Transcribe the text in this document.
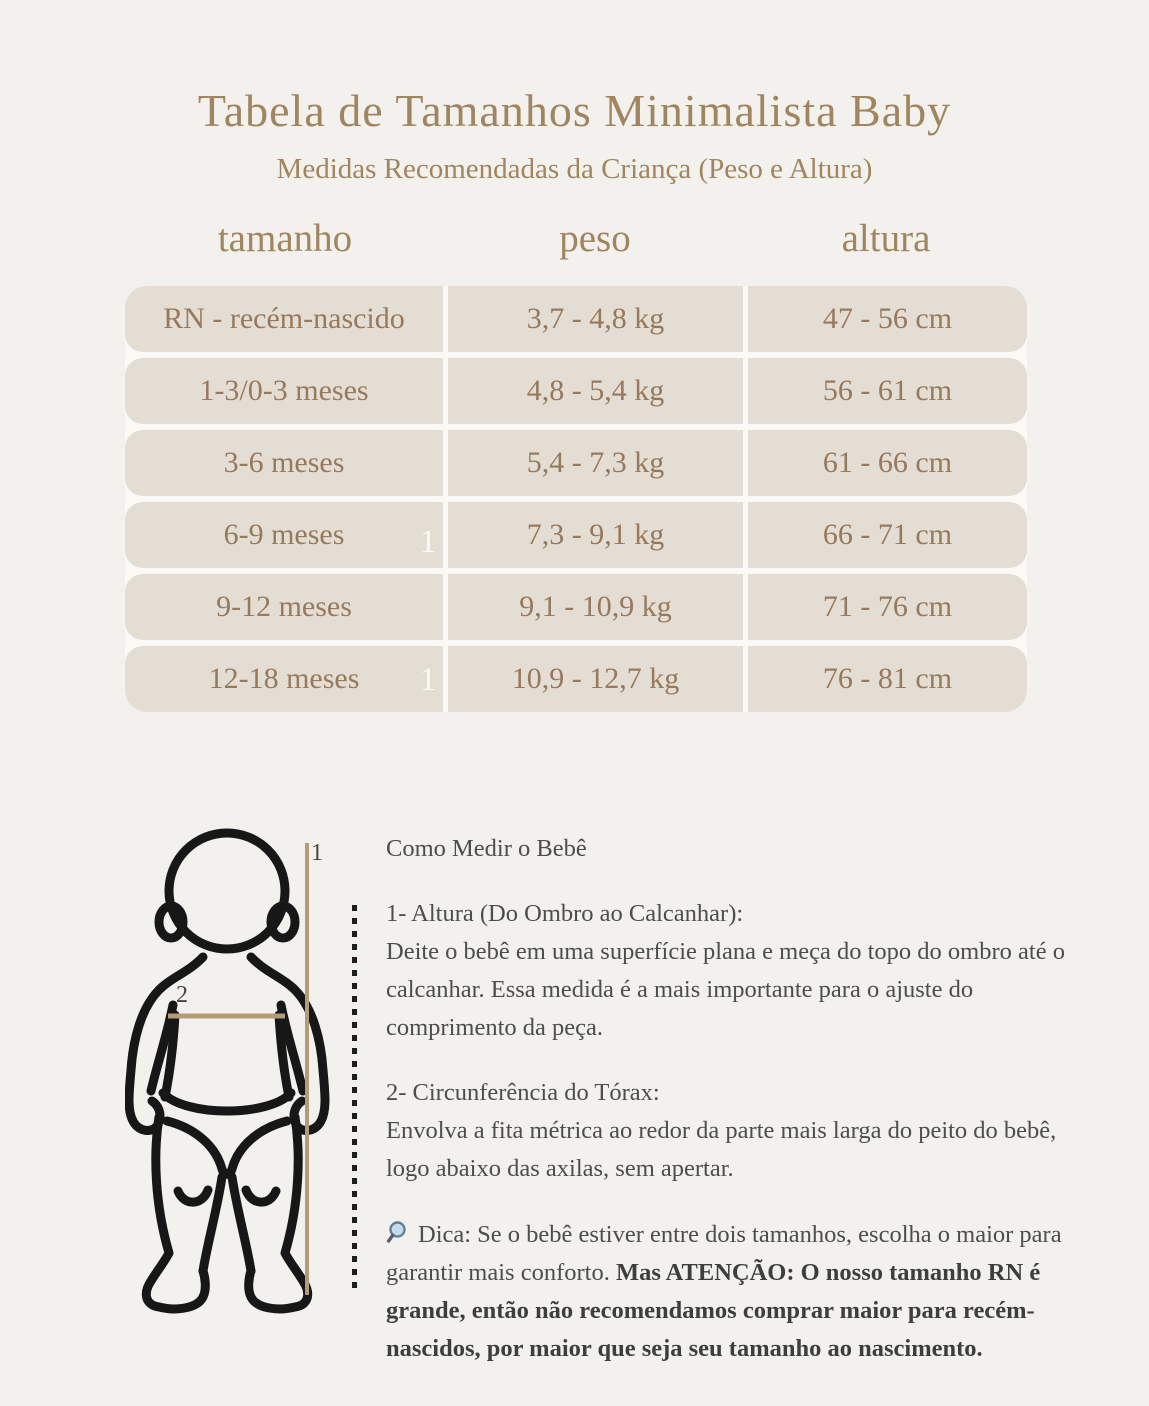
Tabela de Tamanhos Minimalista Baby
Medidas Recomendadas da Criança (Peso e Altura)
tamanho	peso	altura
RN - recém-nascido	3,7 - 4,8 kg	47 - 56 cm
1-3/0-3 meses	4,8 - 5,4 kg	56 - 61 cm
3-6 meses	5,4 - 7,3 kg	61 - 66 cm
6-9 meses	7,3 - 9,1 kg	66 - 71 cm
9-12 meses	9,1 - 10,9 kg	71 - 76 cm
12-18 meses	10,9 - 12,7 kg	76 - 81 cm
1
1
1
2

Como Medir o Bebê

1- Altura (Do Ombro ao Calcanhar):
Deite o bebê em uma superfície plana e meça do topo do ombro até o calcanhar. Essa medida é a mais importante para o ajuste do comprimento da peça.

2- Circunferência do Tórax:
Envolva a fita métrica ao redor da parte mais larga do peito do bebê, logo abaixo das axilas, sem apertar.

Dica: Se o bebê estiver entre dois tamanhos, escolha o maior para garantir mais conforto. Mas ATENÇÃO: O nosso tamanho RN é grande, então não recomendamos comprar maior para recém-nascidos, por maior que seja seu tamanho ao nascimento.
